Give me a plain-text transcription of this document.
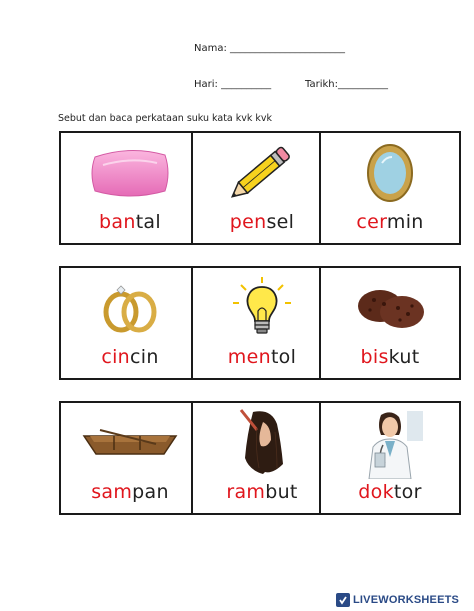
Nama: _______________________
Hari: __________	Tarikh:__________
Sebut dan baca perkataan suku kata kvk kvk
bantal	pensel	cermin
cincin	mentol	biskut
sampan	rambut	doktor
LIVEWORKSHEETS
